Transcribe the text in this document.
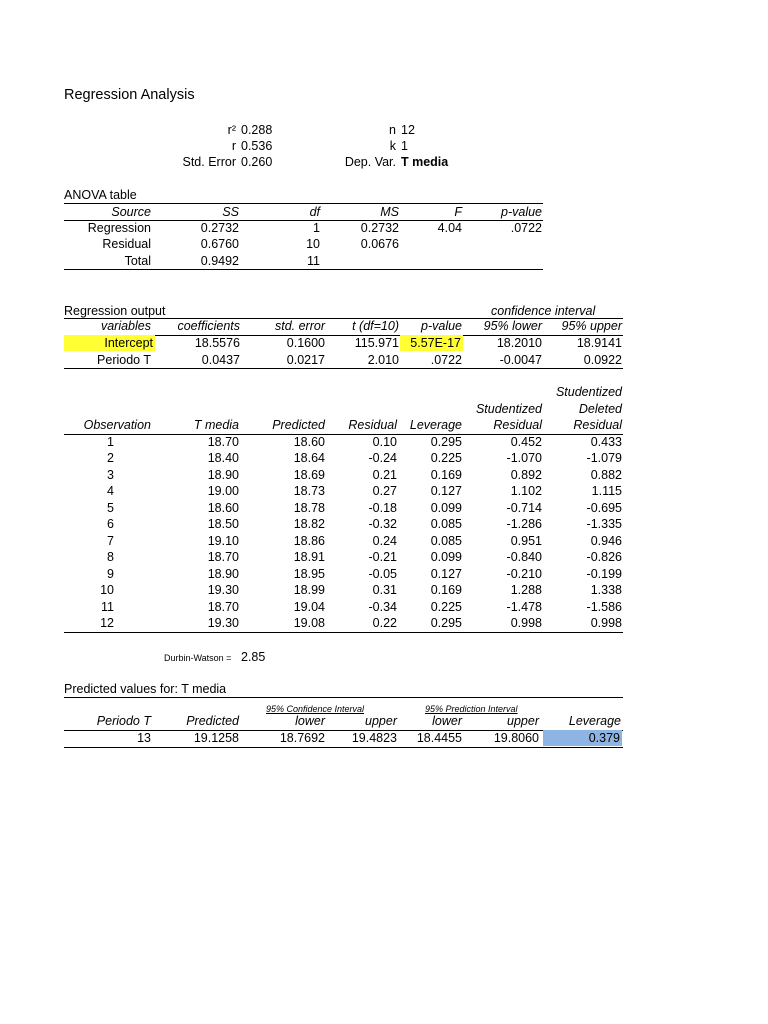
Regression Analysis
r² 0.288
r 0.536
Std. Error 0.260
n 12
k 1
Dep. Var. T media
ANOVA table
Source	SS	df	MS	F	p-value
Regression	0.2732	1	0.2732	4.04	.0722
Residual	0.6760	10	0.0676
Total	0.9492	11
Regression output	confidence interval
variables	coefficients	std. error	t (df=10)	p-value	95% lower	95% upper
Intercept	18.5576	0.1600	115.971 5.57E-17	18.2010	18.9141
Periodo T	0.0437	0.0217	2.010	.0722	-0.0047	0.0922
Studentized
Studentized	Deleted
Observation	T media	Predicted	Residual	Leverage	Residual	Residual
1	18.70	18.60	0.10	0.295	0.452	0.433
2	18.40	18.64	-0.24	0.225	-1.070	-1.079
3	18.90	18.69	0.21	0.169	0.892	0.882
4	19.00	18.73	0.27	0.127	1.102	1.115
5	18.60	18.78	-0.18	0.099	-0.714	-0.695
6	18.50	18.82	-0.32	0.085	-1.286	-1.335
7	19.10	18.86	0.24	0.085	0.951	0.946
8	18.70	18.91	-0.21	0.099	-0.840	-0.826
9	18.90	18.95	-0.05	0.127	-0.210	-0.199
10	19.30	18.99	0.31	0.169	1.288	1.338
11	18.70	19.04	-0.34	0.225	-1.478	-1.586
12	19.30	19.08	0.22	0.295	0.998	0.998
Durbin-Watson = 2.85
Predicted values for: T media
95% Confidence Interval	95% Prediction Interval
Periodo T	Predicted	lower	upper	lower	upper	Leverage
13	19.1258	18.7692	19.4823	18.4455	19.8060	0.379
